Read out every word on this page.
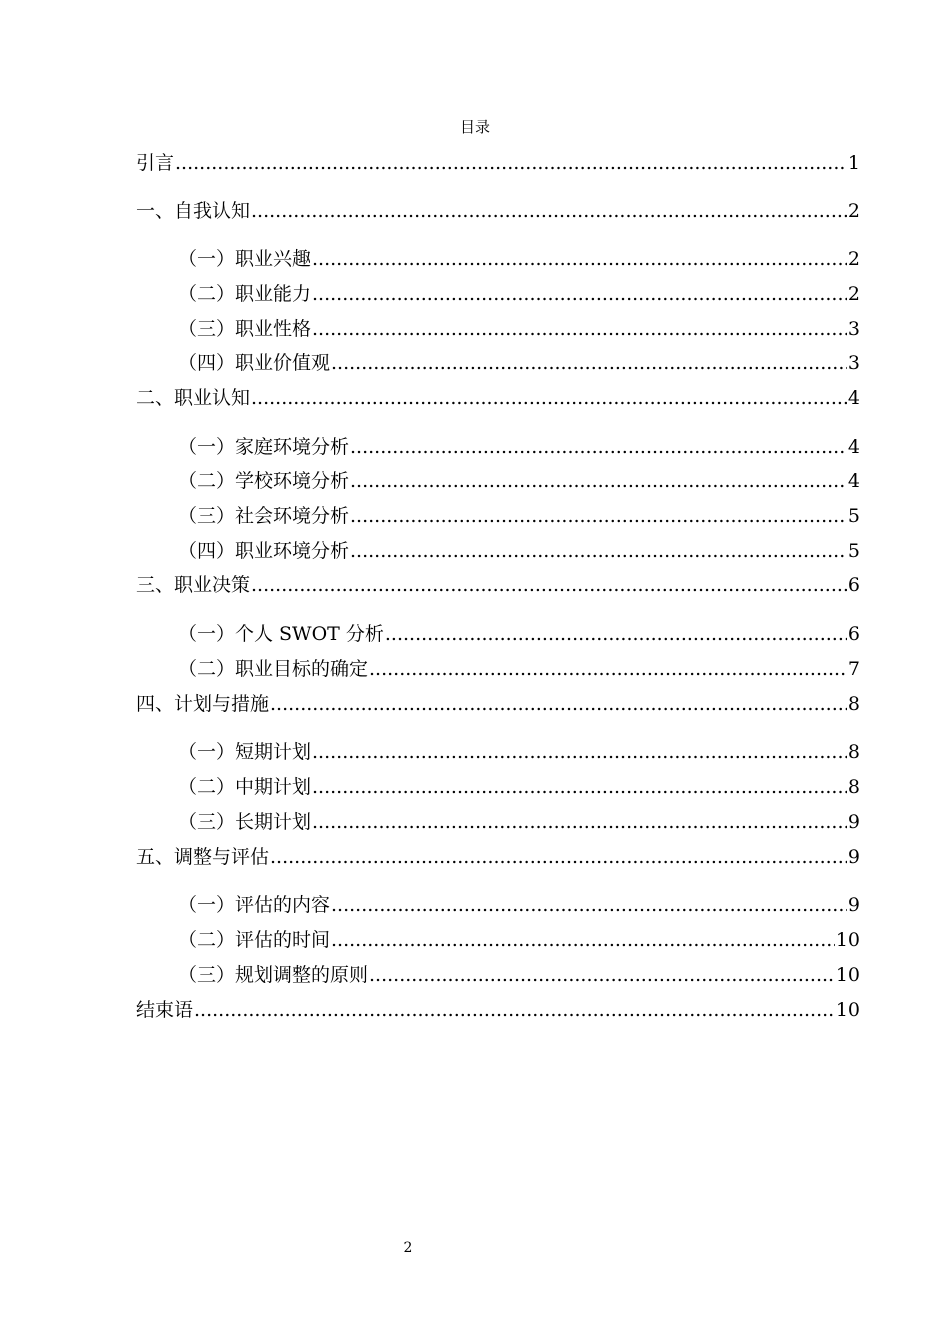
目录
引言 .....	1
一、自我认知 .....	2
（一）职业兴趣 .....	2
（二）职业能力 .....	2
（三）职业性格 .....	3
（四）职业价值观 .....	3
二、职业认知 .....	4
（一）家庭环境分析 .....	4
（二）学校环境分析 .....	4
（三）社会环境分析 .....	5
（四）职业环境分析 .....	5
三、职业决策 .....	6
（一）个人 SWOT 分析 .....	6
（二）职业目标的确定 .....	7
四、计划与措施 .....	8
（一）短期计划 .....	8
（二）中期计划 .....	8
（三）长期计划 .....	9
五、调整与评估 .....	9
（一）评估的内容 .....	9
（二）评估的时间 .....	10
（三）规划调整的原则 .....	10
结束语 .....	10
2
